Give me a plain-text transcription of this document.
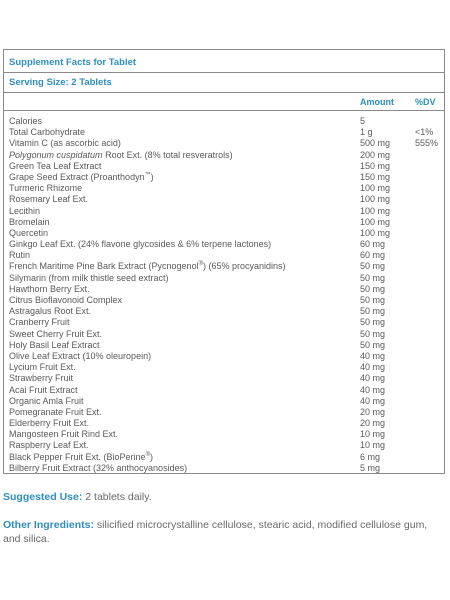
Supplement Facts for Tablet
Serving Size: 2 Tablets
Amount %DV
Calories	5
Total Carbohydrate	1 g	<1%
Vitamin C (as ascorbic acid)	500 mg	555%
Polygonum cuspidatum Root Ext. (8% total resveratrols)	200 mg
Green Tea Leaf Extract	150 mg
Grape Seed Extract (Proanthodyn™)	150 mg
Turmeric Rhizome	100 mg
Rosemary Leaf Ext.	100 mg
Lecithin	100 mg
Bromelain	100 mg
Quercetin	100 mg
Ginkgo Leaf Ext. (24% flavone glycosides & 6% terpene lactones)	60 mg
Rutin	60 mg
French Maritime Pine Bark Extract (Pycnogenol®) (65% procyanidins)	50 mg
Silymarin (from milk thistle seed extract)	50 mg
Hawthorn Berry Ext.	50 mg
Citrus Bioflavonoid Complex	50 mg
Astragalus Root Ext.	50 mg
Cranberry Fruit	50 mg
Sweet Cherry Fruit Ext.	50 mg
Holy Basil Leaf Extract	50 mg
Olive Leaf Extract (10% oleuropein)	40 mg
Lycium Fruit Ext.	40 mg
Strawberry Fruit	40 mg
Acai Fruit Extract	40 mg
Organic Amla Fruit	40 mg
Pomegranate Fruit Ext.	20 mg
Elderberry Fruit Ext.	20 mg
Mangosteen Fruit Rind Ext.	10 mg
Raspberry Leaf Ext.	10 mg
Black Pepper Fruit Ext. (BioPerine®)	6 mg
Bilberry Fruit Extract (32% anthocyanosides)	5 mg
Suggested Use: 2 tablets daily.
Other Ingredients: silicified microcrystalline cellulose, stearic acid, modified cellulose gum, and silica.
